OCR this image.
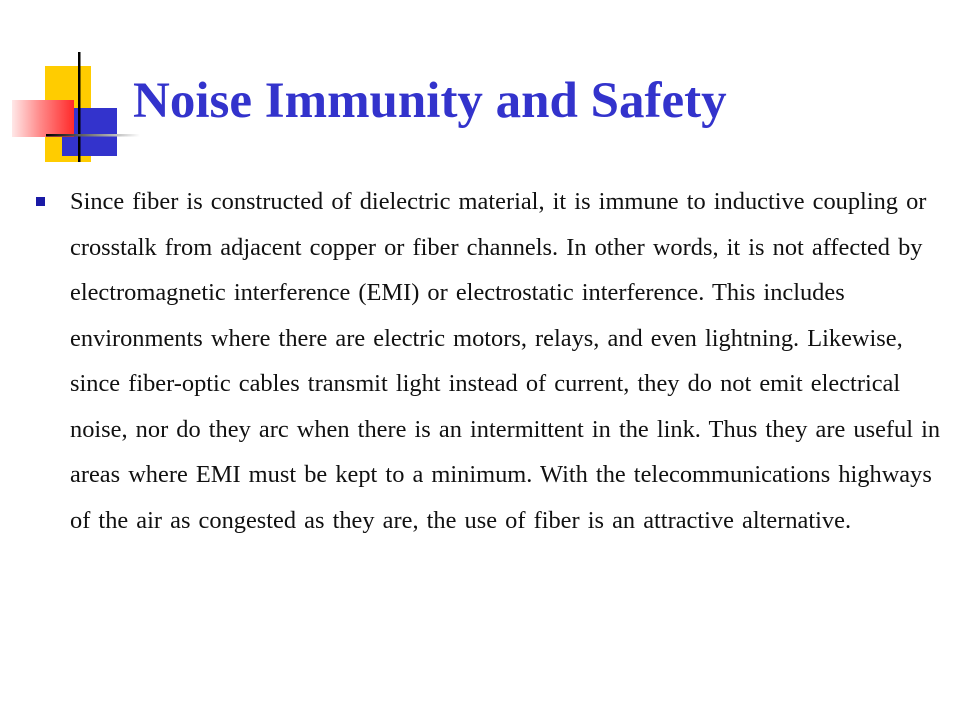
Noise Immunity and Safety
Since fiber is constructed of dielectric material, it is immune to inductive coupling or crosstalk from adjacent copper or fiber channels. In other words, it is not affected by electromagnetic interference (EMI) or electrostatic interference. This includes environments where there are electric motors, relays, and even lightning. Likewise, since fiber-optic cables transmit light instead of current, they do not emit electrical noise, nor do they arc when there is an intermittent in the link. Thus they are useful in areas where EMI must be kept to a minimum. With the telecommunications highways of the air as congested as they are, the use of fiber is an attractive alternative.
